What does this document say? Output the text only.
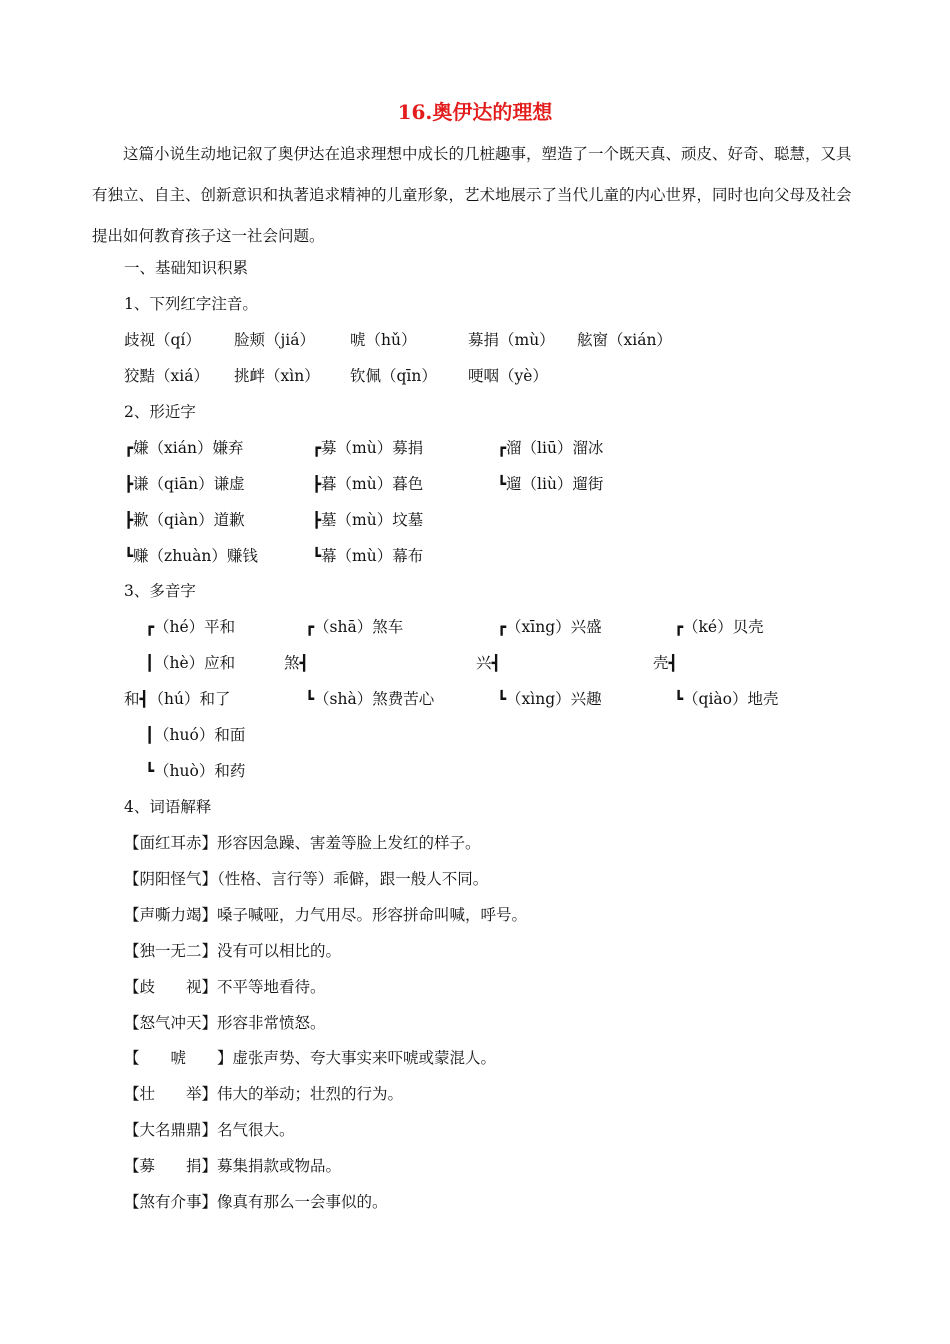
16.奥伊达的理想

这篇小说生动地记叙了奥伊达在追求理想中成长的几桩趣事，塑造了一个既天真、顽皮、好奇、聪慧，又具有独立、自主、创新意识和执著追求精神的儿童形象，艺术地展示了当代儿童的内心世界，同时也向父母及社会提出如何教育孩子这一社会问题。

一、基础知识积累
1、下列红字注音。
歧视（qí） 脸颊（jiá） 唬（hǔ）	募捐（mù） 舷窗（xián）
狡黠（xiá） 挑衅（xìn） 钦佩（qīn） 哽咽（yè）
2、形近字
┏嫌（xián）嫌弃
┣谦（qiān）谦虚
┣歉（qiàn）道歉
┗赚（zhuàn）赚钱
┏募（mù）募捐
┣暮（mù）暮色
┣墓（mù）坟墓
┗幕（mù）幕布
┏溜（liū）溜冰
┗遛（liù）遛街
3、多音字
┏（hé）平和
┃（hè）应和
和┫（hú）和了
┃（huó）和面
┗（huò）和药
┏（shā）煞车
煞┫
┗（shà）煞费苦心
┏（xīng）兴盛
兴┫
┗（xìng）兴趣
┏（ké）贝壳
壳┫
┗（qiào）地壳
4、词语解释
【面红耳赤】形容因急躁、害羞等脸上发红的样子。
【阴阳怪气】（性格、言行等）乖僻，跟一般人不同。
【声嘶力竭】嗓子喊哑，力气用尽。形容拼命叫喊，呼号。
【独一无二】没有可以相比的。
【歧　　视】不平等地看待。
【怒气冲天】形容非常愤怒。
【　　唬　　】虚张声势、夸大事实来吓唬或蒙混人。
【壮　　举】伟大的举动；壮烈的行为。
【大名鼎鼎】名气很大。
【募　　捐】募集捐款或物品。
【煞有介事】像真有那么一会事似的。
